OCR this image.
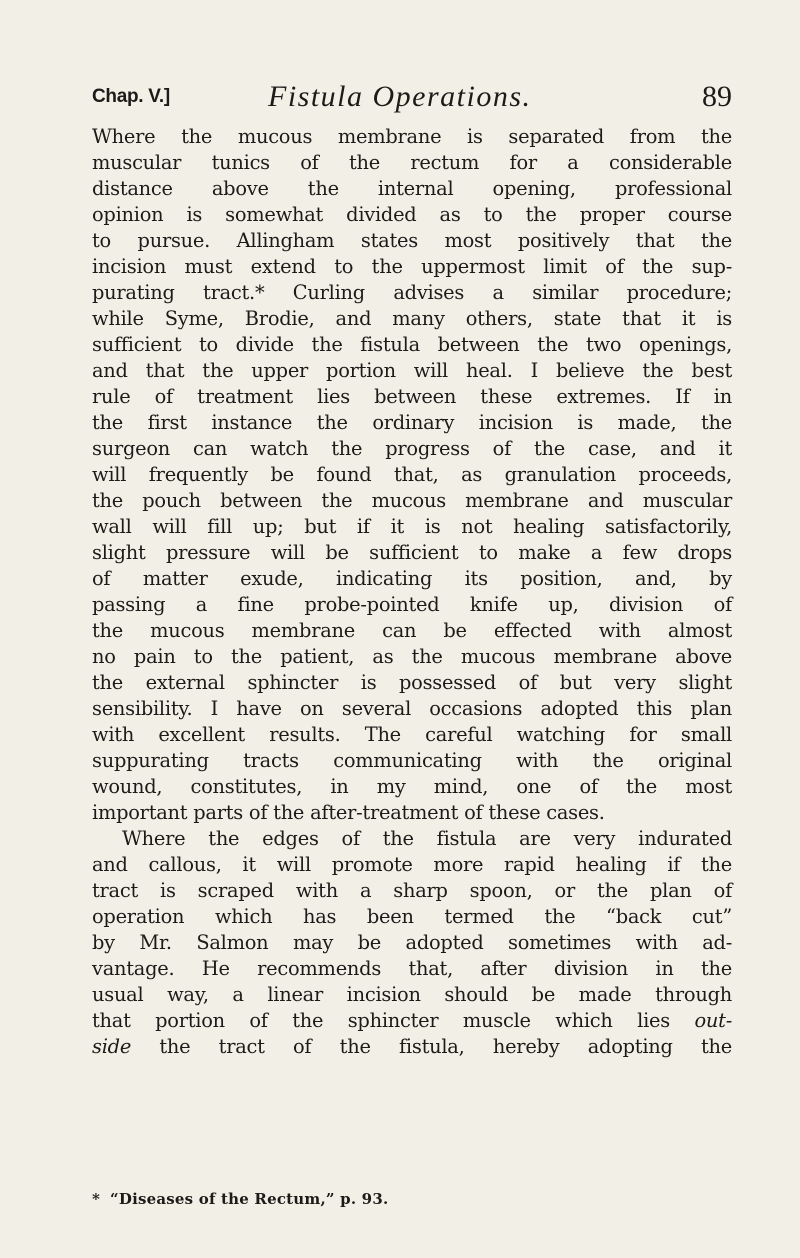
Chap. V.]	Fistula Operations.	89
Where the mucous membrane is separated from the
muscular tunics of the rectum for a considerable
distance above the internal opening, professional
opinion is somewhat divided as to the proper course
to pursue. Allingham states most positively that the
incision must extend to the uppermost limit of the sup-
purating tract.* Curling advises a similar procedure;
while Syme, Brodie, and many others, state that it is
sufficient to divide the fistula between the two openings,
and that the upper portion will heal. I believe the best
rule of treatment lies between these extremes. If in
the first instance the ordinary incision is made, the
surgeon can watch the progress of the case, and it
will frequently be found that, as granulation proceeds,
the pouch between the mucous membrane and muscular
wall will fill up; but if it is not healing satisfactorily,
slight pressure will be sufficient to make a few drops
of matter exude, indicating its position, and, by
passing a fine probe-pointed knife up, division of
the mucous membrane can be effected with almost
no pain to the patient, as the mucous membrane above
the external sphincter is possessed of but very slight
sensibility. I have on several occasions adopted this plan
with excellent results. The careful watching for small
suppurating tracts communicating with the original
wound, constitutes, in my mind, one of the most
important parts of the after-treatment of these cases.
Where the edges of the fistula are very indurated
and callous, it will promote more rapid healing if the
tract is scraped with a sharp spoon, or the plan of
operation which has been termed the “back cut”
by Mr. Salmon may be adopted sometimes with ad-
vantage. He recommends that, after division in the
usual way, a linear incision should be made through
that portion of the sphincter muscle which lies out-
side the tract of the fistula, hereby adopting the
* “Diseases of the Rectum,” p. 93.
